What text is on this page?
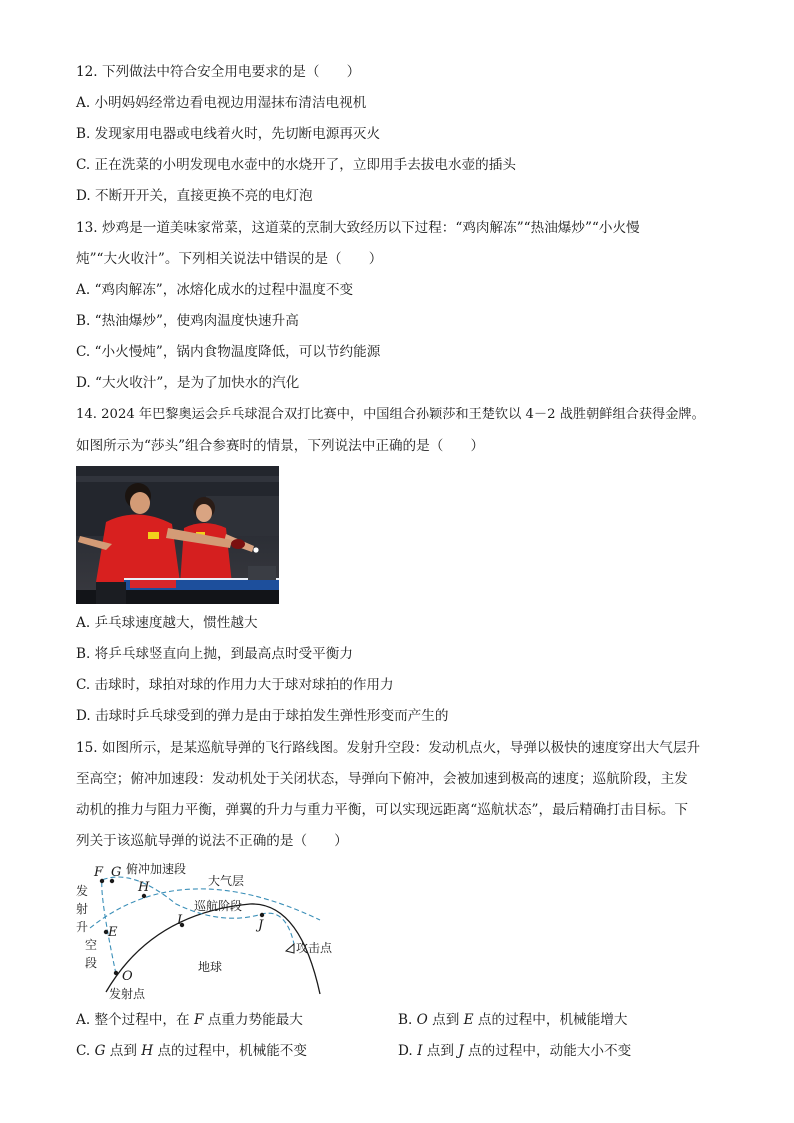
12. 下列做法中符合安全用电要求的是（　　）
A. 小明妈妈经常边看电视边用湿抹布清洁电视机
B. 发现家用电器或电线着火时，先切断电源再灭火
C. 正在洗菜的小明发现电水壶中的水烧开了，立即用手去拔电水壶的插头
D. 不断开开关，直接更换不亮的电灯泡
13. 炒鸡是一道美味家常菜，这道菜的烹制大致经历以下过程：“鸡肉解冻”“热油爆炒”“小火慢
炖”“大火收汁”。下列相关说法中错误的是（　　）
A. “鸡肉解冻”，冰熔化成水的过程中温度不变
B. “热油爆炒”，使鸡肉温度快速升高
C. “小火慢炖”，锅内食物温度降低，可以节约能源
D. “大火收汁”，是为了加快水的汽化
14. 2024 年巴黎奥运会乒乓球混合双打比赛中，中国组合孙颖莎和王楚钦以 4－2 战胜朝鲜组合获得金牌。
如图所示为“莎头”组合参赛时的情景，下列说法中正确的是（　　）
A. 乒乓球速度越大，惯性越大
B. 将乒乓球竖直向上抛，到最高点时受平衡力
C. 击球时，球拍对球的作用力大于球对球拍的作用力
D. 击球时乒乓球受到的弹力是由于球拍发生弹性形变而产生的
15. 如图所示，是某巡航导弹的飞行路线图。发射升空段：发动机点火，导弹以极快的速度穿出大气层升
至高空；俯冲加速段：发动机处于关闭状态，导弹向下俯冲，会被加速到极高的速度；巡航阶段，主发
动机的推力与阻力平衡，弹翼的升力与重力平衡，可以实现远距离“巡航状态”，最后精确打击目标。下
列关于该巡航导弹的说法不正确的是（　　）
F G 俯冲加速段
H	大气层
巡航阶段
I	J
攻击点
发
射
升
空
段
E
地球
O
发射点
A. 整个过程中，在 F 点重力势能最大	B. O 点到 E 点的过程中，机械能增大
C. G 点到 H 点的过程中，机械能不变	D. I 点到 J 点的过程中，动能大小不变
